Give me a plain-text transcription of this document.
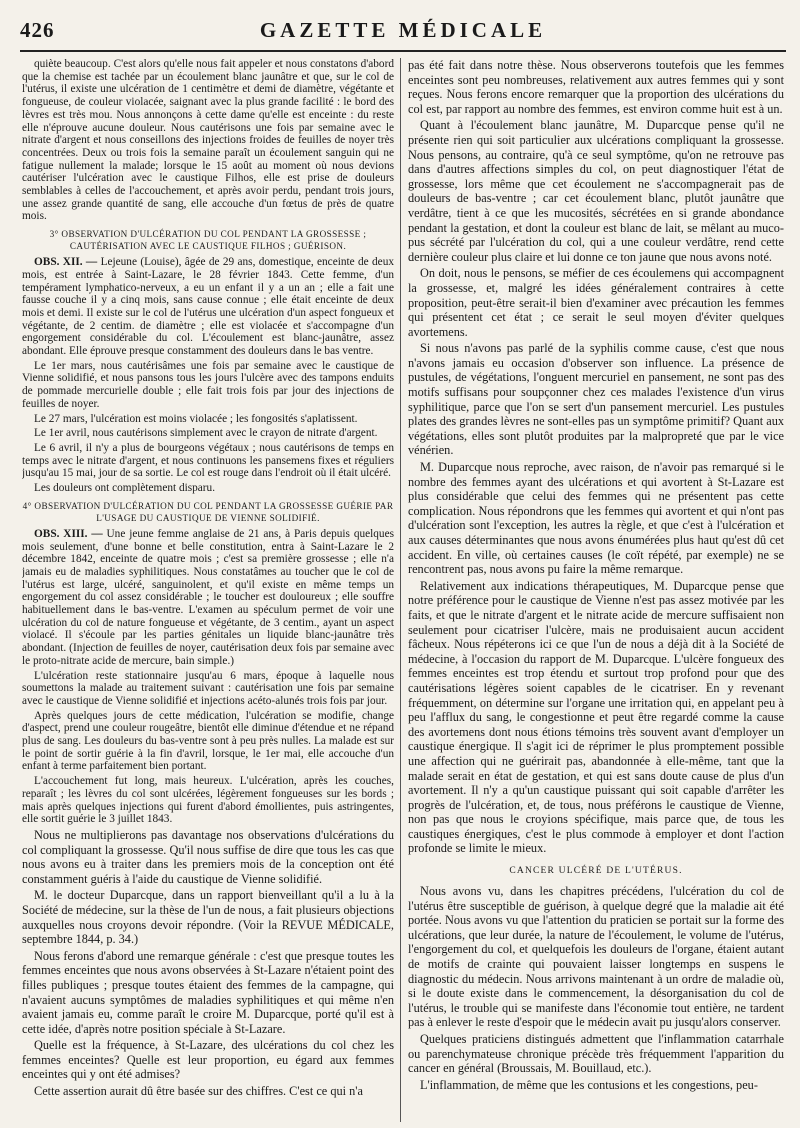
426	GAZETTE MÉDICALE

quiète beaucoup. C'est alors qu'elle nous fait appeler et nous constatons d'abord que la chemise est tachée par un écoulement blanc jaunâtre et que, sur le col de l'utérus, il existe une ulcération de 1 centimètre et demi de diamètre, végétante et fongueuse, de couleur violacée, saignant avec la plus grande facilité : le bord des lèvres est très mou. Nous annonçons à cette dame qu'elle est enceinte : du reste elle n'éprouve aucune douleur. Nous cautérisons une fois par semaine avec le nitrate d'argent et nous conseillons des injections froides de feuilles de noyer très concentrées. Deux ou trois fois la semaine paraît un écoulement sanguin qui ne fatigue nullement la malade; lorsque le 15 août au moment où nous devions cautériser l'ulcération avec le caustique Filhos, elle est prise de douleurs semblables à celles de l'accouchement, et après avoir perdu, pendant trois jours, une assez grande quantité de sang, elle accouche d'un fœtus de près de quatre mois.

3° OBSERVATION D'ULCÉRATION DU COL PENDANT LA GROSSESSE ; CAUTÉRISATION AVEC LE CAUSTIQUE FILHOS ; GUÉRISON.

OBS. XII. — Lejeune (Louise), âgée de 29 ans, domestique, enceinte de deux mois, est entrée à Saint-Lazare, le 28 février 1843. Cette femme, d'un tempérament lymphatico-nerveux, a eu un enfant il y a un an ; elle a fait une fausse couche il y a cinq mois, sans cause connue ; elle était enceinte de deux mois et demi. Il existe sur le col de l'utérus une ulcération d'un aspect fongueux et végétante, de 2 centim. de diamètre ; elle est violacée et s'accompagne d'un engorgement considérable du col. L'écoulement est blanc-jaunâtre, assez abondant. Elle éprouve presque constamment des douleurs dans le bas ventre.

Le 1er mars, nous cautérisâmes une fois par semaine avec le caustique de Vienne solidifié, et nous pansons tous les jours l'ulcère avec des tampons enduits de pommade mercurielle double ; elle fait trois fois par jour des injections de feuilles de noyer.

Le 27 mars, l'ulcération est moins violacée ; les fongosités s'aplatissent.

Le 1er avril, nous cautérisons simplement avec le crayon de nitrate d'argent.

Le 6 avril, il n'y a plus de bourgeons végétaux ; nous cautérisons de temps en temps avec le nitrate d'argent, et nous continuons les pansemens fixes et réguliers jusqu'au 15 mai, jour de sa sortie. Le col est rouge dans l'endroit où il était ulcéré.

Les douleurs ont complètement disparu.

4° OBSERVATION D'ULCÉRATION DU COL PENDANT LA GROSSESSE GUÉRIE PAR L'USAGE DU CAUSTIQUE DE VIENNE SOLIDIFIÉ.

OBS. XIII. — Une jeune femme anglaise de 21 ans, à Paris depuis quelques mois seulement, d'une bonne et belle constitution, entra à Saint-Lazare le 2 décembre 1842, enceinte de quatre mois ; c'est sa première grossesse ; elle n'a jamais eu de maladies syphilitiques. Nous constatâmes au toucher que le col de l'utérus est large, ulcéré, sanguinolent, et qu'il existe en même temps un engorgement du col assez considérable ; le toucher est douloureux ; elle souffre habituellement dans le bas-ventre. L'examen au spéculum permet de voir une ulcération du col de nature fongueuse et végétante, de 3 centim., ayant un aspect violacé. Il s'écoule par les parties génitales un liquide blanc-jaunâtre très abondant. (Injection de feuilles de noyer, cautérisation deux fois par semaine avec le proto-nitrate acide de mercure, bain simple.)

L'ulcération reste stationnaire jusqu'au 6 mars, époque à laquelle nous soumettons la malade au traitement suivant : cautérisation une fois par semaine avec le caustique de Vienne solidifié et injections acéto-alunés trois fois par jour.

Après quelques jours de cette médication, l'ulcération se modifie, change d'aspect, prend une couleur rougeâtre, bientôt elle diminue d'étendue et ne répand plus de sang. Les douleurs du bas-ventre sont à peu près nulles. La malade est sur le point de sortir guérie à la fin d'avril, lorsque, le 1er mai, elle accouche d'un enfant à terme parfaitement bien portant.

L'accouchement fut long, mais heureux. L'ulcération, après les couches, reparaît ; les lèvres du col sont ulcérées, légèrement fongueuses sur les bords ; mais après quelques injections qui furent d'abord émollientes, puis astringentes, elle sortit guérie le 3 juillet 1843.

Nous ne multiplierons pas davantage nos observations d'ulcérations du col compliquant la grossesse. Qu'il nous suffise de dire que tous les cas que nous avons eu à traiter dans les premiers mois de la conception ont été constamment guéris à l'aide du caustique de Vienne solidifié.

M. le docteur Duparcque, dans un rapport bienveillant qu'il a lu à la Société de médecine, sur la thèse de l'un de nous, a fait plusieurs objections auxquelles nous croyons devoir répondre. (Voir la REVUE MÉDICALE, septembre 1844, p. 34.)

Nous ferons d'abord une remarque générale : c'est que presque toutes les femmes enceintes que nous avons observées à St-Lazare n'étaient point des filles publiques ; presque toutes étaient des femmes de la campagne, qui n'avaient aucuns symptômes de maladies syphilitiques et qui même n'en avaient jamais eu, comme paraît le croire M. Duparcque, porté qu'il est à cette idée, d'après notre position spéciale à St-Lazare.

Quelle est la fréquence, à St-Lazare, des ulcérations du col chez les femmes enceintes? Quelle est leur proportion, eu égard aux femmes enceintes qui y ont été admises?

Cette assertion aurait dû être basée sur des chiffres. C'est ce qui n'a

pas été fait dans notre thèse. Nous observerons toutefois que les femmes enceintes sont peu nombreuses, relativement aux autres femmes qui y sont reçues. Nous ferons encore remarquer que la proportion des ulcérations du col est, par rapport au nombre des femmes, est environ comme huit est à un.

Quant à l'écoulement blanc jaunâtre, M. Duparcque pense qu'il ne présente rien qui soit particulier aux ulcérations compliquant la grossesse. Nous pensons, au contraire, qu'à ce seul symptôme, qu'on ne retrouve pas dans d'autres affections simples du col, on peut diagnostiquer l'état de grossesse, lors même que cet écoulement ne s'accompagnerait pas de douleurs de bas-ventre ; car cet écoulement blanc, plutôt jaunâtre que verdâtre, tient à ce que les mucosités, sécrétées en si grande abondance pendant la gestation, et dont la couleur est blanc de lait, se mêlant au muco-pus sécrété par l'ulcération du col, qui a une couleur verdâtre, rend cette dernière couleur plus claire et lui donne ce ton jaune que nous avons noté.

On doit, nous le pensons, se méfier de ces écoulemens qui accompagnent la grossesse, et, malgré les idées généralement contraires à cette proposition, peut-être serait-il bien d'examiner avec précaution les femmes qui présentent cet état ; ce serait le seul moyen d'éviter quelques avortemens.

Si nous n'avons pas parlé de la syphilis comme cause, c'est que nous n'avons jamais eu occasion d'observer son influence. La présence de pustules, de végétations, l'onguent mercuriel en pansement, ne sont pas des motifs suffisans pour soupçonner chez ces malades l'existence d'un virus syphilitique, parce que l'on se sert d'un pansement mercuriel. Les pustules plates des grandes lèvres ne sont-elles pas un symptôme primitif? Quant aux végétations, elles sont plutôt produites par la malpropreté que par le vice vénérien.

M. Duparcque nous reproche, avec raison, de n'avoir pas remarqué si le nombre des femmes ayant des ulcérations et qui avortent à St-Lazare est plus considérable que celui des femmes qui ne présentent pas cette complication. Nous répondrons que les femmes qui avortent et qui n'ont pas d'ulcération sont l'exception, les autres la règle, et que c'est à l'ulcération et aux causes déterminantes que nous avons énumérées plus haut qu'est dû cet accident. En ville, où certaines causes (le coït répété, par exemple) ne se rencontrent pas, nous avons pu faire la même remarque.

Relativement aux indications thérapeutiques, M. Duparcque pense que notre préférence pour le caustique de Vienne n'est pas assez motivée par les faits, et que le nitrate d'argent et le nitrate acide de mercure suffisaient non seulement pour cicatriser l'ulcère, mais ne produisaient aucun accident fâcheux. Nous répéterons ici ce que l'un de nous a déjà dit à la Société de médecine, à l'occasion du rapport de M. Duparcque. L'ulcère fongueux des femmes enceintes est trop étendu et surtout trop profond pour que des cautérisations légères soient capables de le cicatriser. En y revenant fréquemment, on détermine sur l'organe une irritation qui, en appelant peu à peu l'afflux du sang, le congestionne et peut être regardé comme la cause des avortemens dont nous étions témoins très souvent avant d'employer un caustique énergique. Il s'agit ici de réprimer le plus promptement possible une affection qui ne guérirait pas, abandonnée à elle-même, tant que la malade serait en état de gestation, et qui est sans doute cause de plus d'un avortement. Il n'y a qu'un caustique puissant qui soit capable d'arrêter les progrès de l'ulcération, et, de tous, nous préférons le caustique de Vienne, non pas que nous le croyions spécifique, mais parce que, de tous les caustiques énergiques, c'est le plus commode à employer et dont l'action profonde se limite le mieux.

CANCER ULCÉRÉ DE L'UTÉRUS.

Nous avons vu, dans les chapitres précédens, l'ulcération du col de l'utérus être susceptible de guérison, à quelque degré que la maladie ait été portée. Nous avons vu que l'attention du praticien se portait sur la forme des ulcérations, que leur durée, la nature de l'écoulement, le volume de l'utérus, l'engorgement du col, et quelquefois les douleurs de l'organe, étaient autant de motifs de crainte qui pouvaient laisser longtemps en suspens le diagnostic du médecin. Nous arrivons maintenant à un ordre de maladie où, si le doute existe dans le commencement, la désorganisation du col de l'utérus, le trouble qui se manifeste dans l'économie tout entière, ne tardent pas à enlever le reste d'espoir que le médecin avait pu jusqu'alors conserver.

Quelques praticiens distingués admettent que l'inflammation catarrhale ou parenchymateuse chronique précède très fréquemment l'apparition du cancer en général (Broussais, M. Bouillaud, etc.).

L'inflammation, de même que les contusions et les congestions, peu-
